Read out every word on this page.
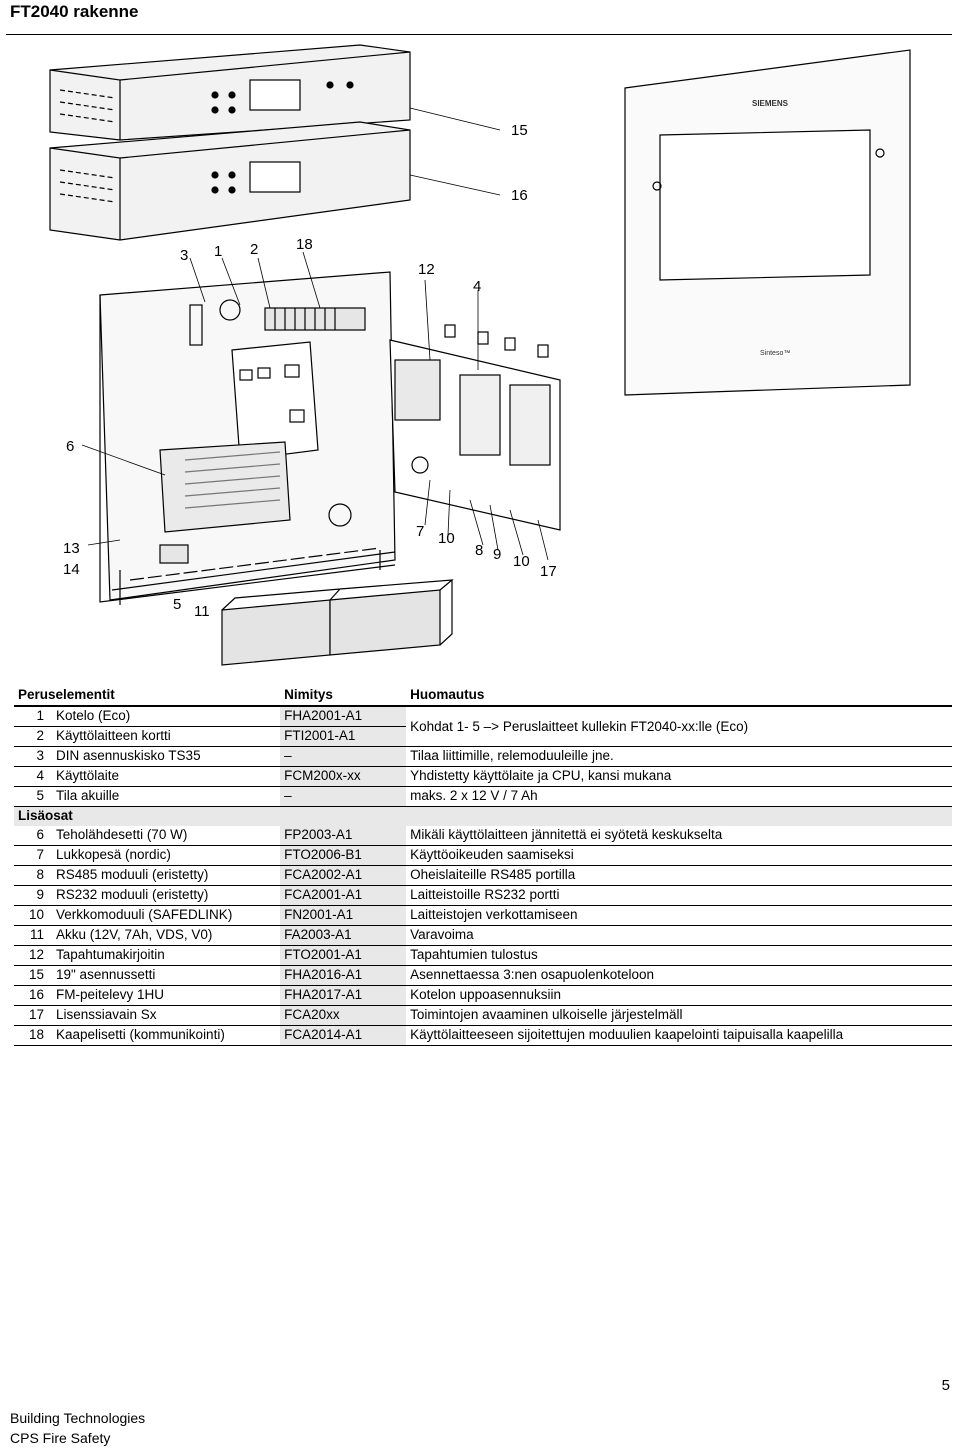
FT2040 rakenne
SIEMENS
Sinteso™
15
16
3 1 2	18
12
4
6
13
14
7 10
8 9 10
17
5 11
Peruselementit		Nimitys	Huomautus
1	Kotelo (Eco)	FHA2001-A1	Kohdat 1- 5 –> Peruslaitteet kullekin FT2040-xx:lle (Eco)
2	Käyttölaitteen kortti	FTI2001-A1	
3	DIN asennuskisko TS35	–	Tilaa liittimille, relemoduuleille jne.
4	Käyttölaite	FCM200x-xx	Yhdistetty käyttölaite ja CPU, kansi mukana
5	Tila akuille	–	maks. 2 x 12 V / 7 Ah
Lisäosat			
6	Teholähdesetti (70 W)	FP2003-A1	Mikäli käyttölaitteen jännitettä ei syötetä keskukselta
7	Lukkopesä (nordic)	FTO2006-B1	Käyttöoikeuden saamiseksi
8	RS485 moduuli (eristetty)	FCA2002-A1	Oheislaiteille RS485 portilla
9	RS232 moduuli (eristetty)	FCA2001-A1	Laitteistoille RS232 portti
10	Verkkomoduuli (SAFEDLINK)	FN2001-A1	Laitteistojen verkottamiseen
11	Akku (12V, 7Ah, VDS, V0)	FA2003-A1	Varavoima
12	Tapahtumakirjoitin	FTO2001-A1	Tapahtumien tulostus
15	19" asennussetti	FHA2016-A1	Asennettaessa 3:nen osapuolenkoteloon
16	FM-peitelevy 1HU	FHA2017-A1	Kotelon uppoasennuksiin
17	Lisenssiavain Sx	FCA20xx	Toimintojen avaaminen ulkoiselle järjestelmäll
18	Kaapelisetti (kommunikointi)	FCA2014-A1	Käyttölaitteeseen sijoitettujen moduulien kaapelointi taipuisalla kaapelilla
5
Building Technologies
CPS Fire Safety
